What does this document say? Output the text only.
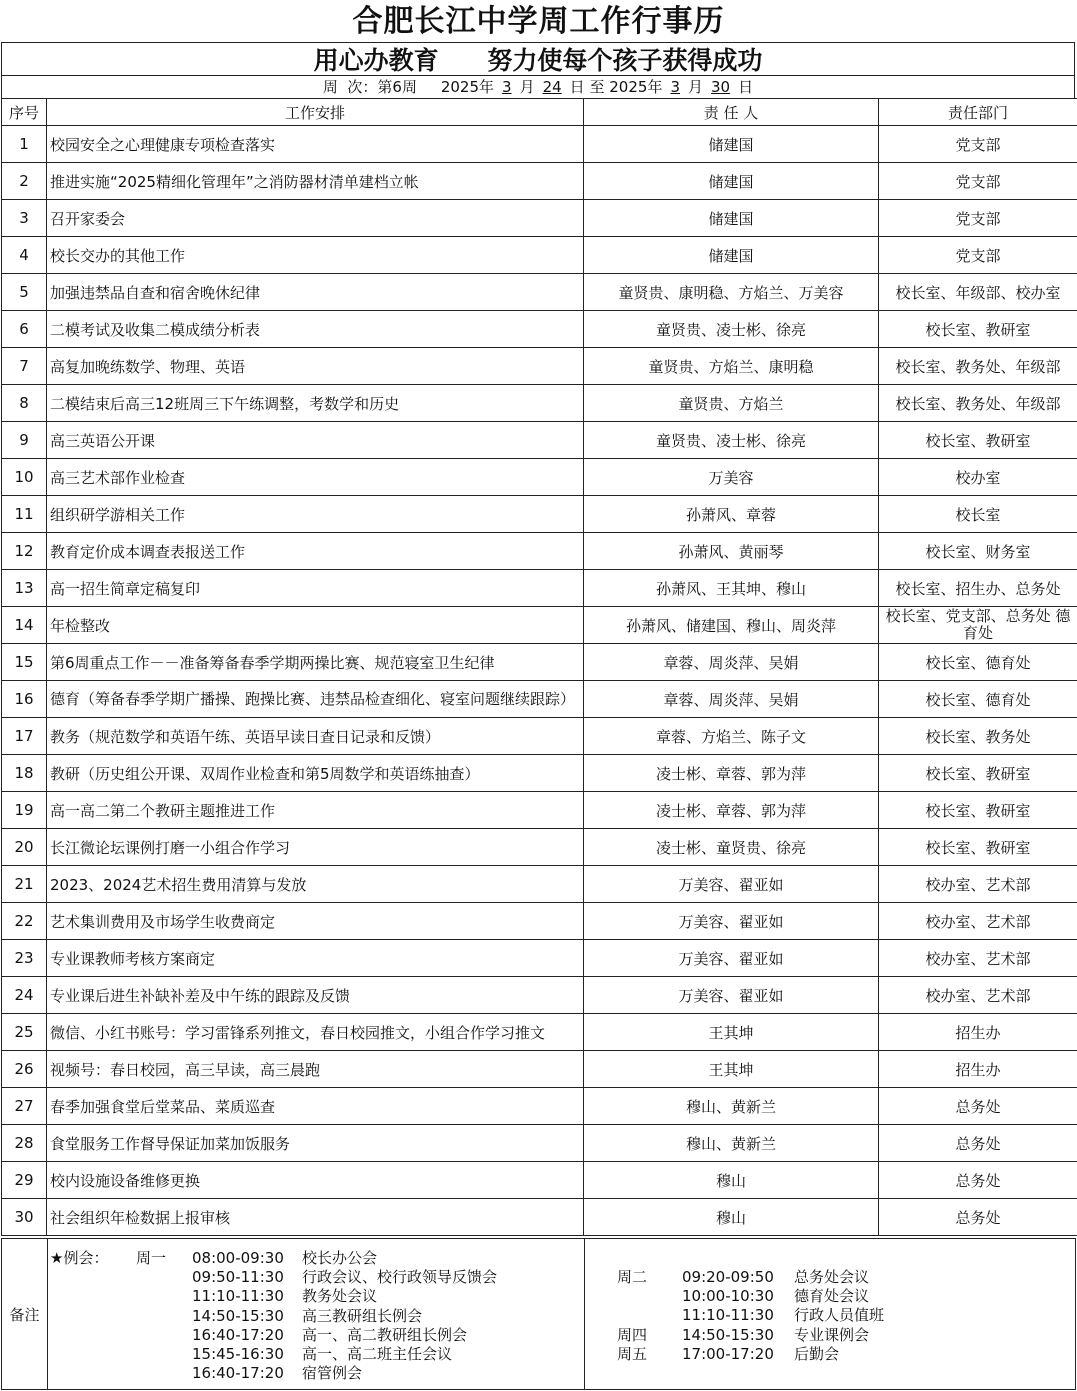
合肥长江中学周工作行事历
用心办教育 努力使每个孩子获得成功
周  次：第6周 2025年 3 月 24 日 至 2025年 3 月 30 日
序号	工作安排	责 任 人	责任部门
1	校园安全之心理健康专项检查落实	储建国	党支部
2	推进实施“2025精细化管理年”之消防器材清单建档立帐	储建国	党支部
3	召开家委会	储建国	党支部
4	校长交办的其他工作	储建国	党支部
5	加强违禁品自查和宿舍晚休纪律	童贤贵、康明稳、方焰兰、万美容	校长室、年级部、校办室
6	二模考试及收集二模成绩分析表	童贤贵、凌士彬、徐亮	校长室、教研室
7	高复加晚练数学、物理、英语	童贤贵、方焰兰、康明稳	校长室、教务处、年级部
8	二模结束后高三12班周三下午练调整，考数学和历史	童贤贵、方焰兰	校长室、教务处、年级部
9	高三英语公开课	童贤贵、凌士彬、徐亮	校长室、教研室
10	高三艺术部作业检查	万美容	校办室
11	组织研学游相关工作	孙萧风、章蓉	校长室
12	教育定价成本调查表报送工作	孙萧风、黄丽琴	校长室、财务室
13	高一招生简章定稿复印	孙萧风、王其坤、穆山	校长室、招生办、总务处
14	年检整改	孙萧风、储建国、穆山、周炎萍	校长室、党支部、总务处 德育处
15	第6周重点工作－－准备筹备春季学期两操比赛、规范寝室卫生纪律	章蓉、周炎萍、吴娟	校长室、德育处
16	德育（筹备春季学期广播操、跑操比赛、违禁品检查细化、寝室问题继续跟踪）	章蓉、周炎萍、吴娟	校长室、德育处
17	教务（规范数学和英语午练、英语早读日查日记录和反馈）	章蓉、方焰兰、陈子文	校长室、教务处
18	教研（历史组公开课、双周作业检查和第5周数学和英语练抽查）	凌士彬、章蓉、郭为萍	校长室、教研室
19	高一高二第二个教研主题推进工作	凌士彬、章蓉、郭为萍	校长室、教研室
20	长江微论坛课例打磨一小组合作学习	凌士彬、童贤贵、徐亮	校长室、教研室
21	2023、2024艺术招生费用清算与发放	万美容、翟亚如	校办室、艺术部
22	艺术集训费用及市场学生收费商定	万美容、翟亚如	校办室、艺术部
23	专业课教师考核方案商定	万美容、翟亚如	校办室、艺术部
24	专业课后进生补缺补差及中午练的跟踪及反馈	万美容、翟亚如	校办室、艺术部
25	微信、小红书账号：学习雷锋系列推文，春日校园推文，小组合作学习推文	王其坤	招生办
26	视频号：春日校园，高三早读，高三晨跑	王其坤	招生办
27	春季加强食堂后堂菜品、菜质巡查	穆山、黄新兰	总务处
28	食堂服务工作督导保证加菜加饭服务	穆山、黄新兰	总务处
29	校内设施设备维修更换	穆山	总务处
30	社会组织年检数据上报审核	穆山	总务处
备注
★例会： 周一 08:00-09:30 校长办公会
09:50-11:30 行政会议、校行政领导反馈会
11:10-11:30 教务处会议
14:50-15:30 高三教研组长例会
16:40-17:20 高一、高二教研组长例会
15:45-16:30 高一、高二班主任会议
16:40-17:20 宿管例会
周二 09:20-09:50 总务处会议
10:00-10:30 德育处会议
11:10-11:30 行政人员值班
周四 14:50-15:30 专业课例会
周五 17:00-17:20 后勤会
